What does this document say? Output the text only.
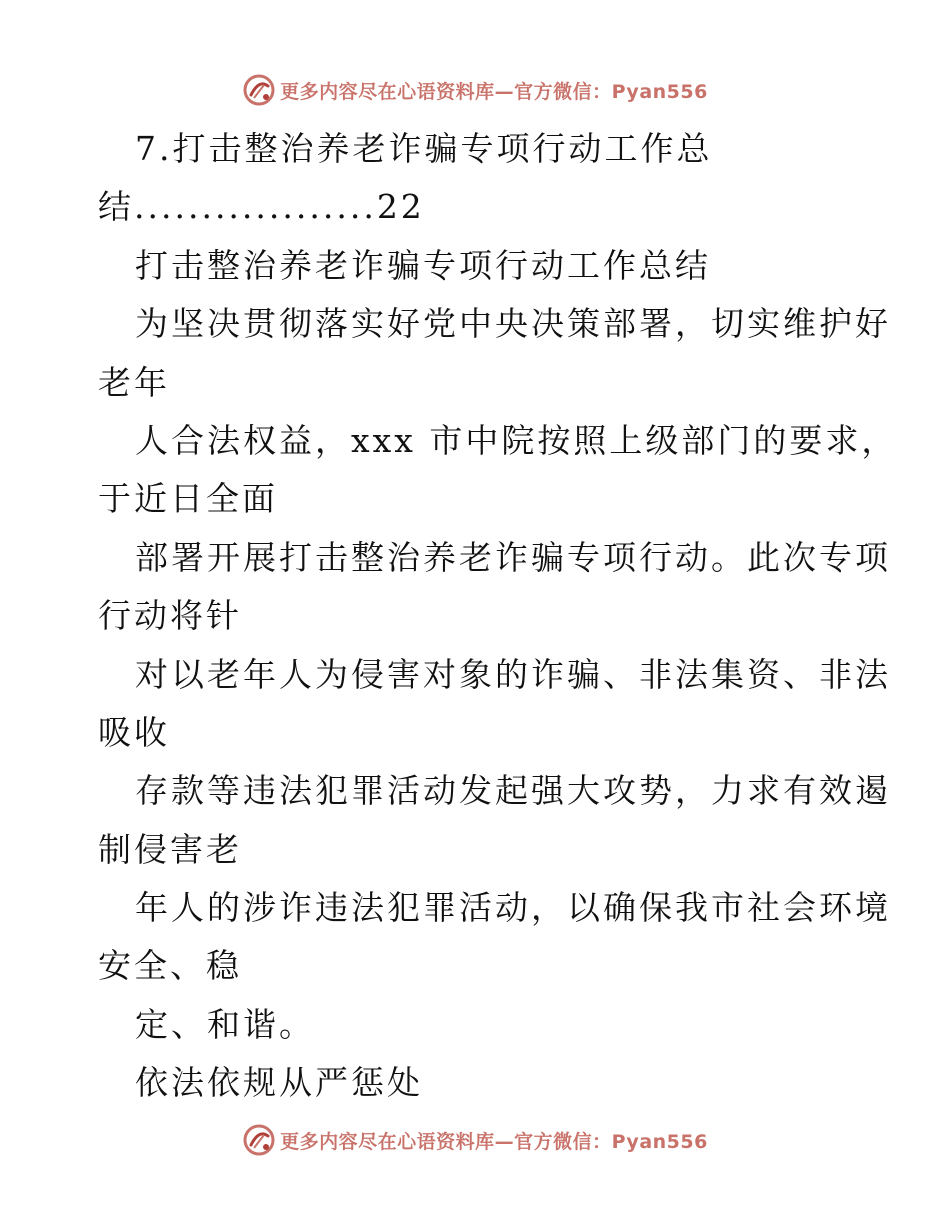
更多内容尽在心语资料库—官方微信：Pyan556
7.打击整治养老诈骗专项行动工作总
结..................22
打击整治养老诈骗专项行动工作总结
为坚决贯彻落实好党中央决策部署，切实维护好
老年
人合法权益，xxx 市中院按照上级部门的要求，
于近日全面
部署开展打击整治养老诈骗专项行动。此次专项
行动将针
对以老年人为侵害对象的诈骗、非法集资、非法
吸收
存款等违法犯罪活动发起强大攻势，力求有效遏
制侵害老
年人的涉诈违法犯罪活动，以确保我市社会环境
安全、稳
定、和谐。
依法依规从严惩处
更多内容尽在心语资料库—官方微信：Pyan556
